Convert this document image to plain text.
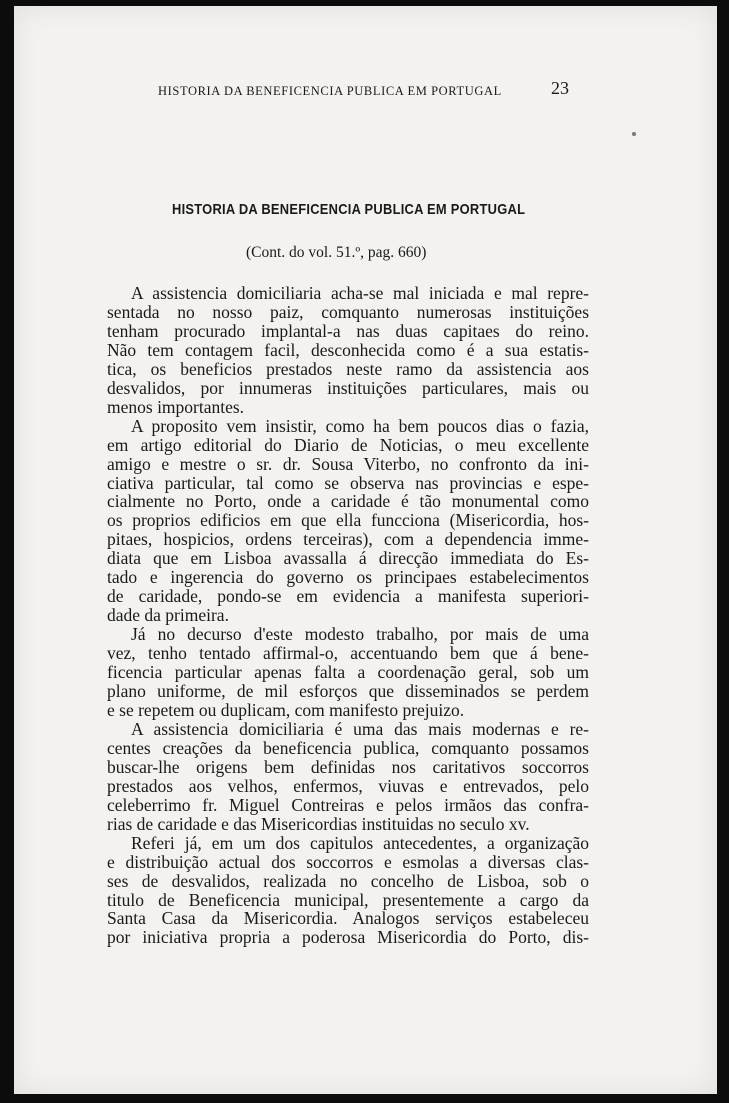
HISTORIA DA BENEFICENCIA PUBLICA EM PORTUGAL	23
HISTORIA DA BENEFICENCIA PUBLICA EM PORTUGAL
(Cont. do vol. 51.º, pag. 660)
A assistencia domiciliaria acha-se mal iniciada e mal repre-
sentada no nosso paiz, comquanto numerosas instituições
tenham procurado implantal-a nas duas capitaes do reino.
Não tem contagem facil, desconhecida como é a sua estatis-
tica, os beneficios prestados neste ramo da assistencia aos
desvalidos, por innumeras instituições particulares, mais ou
menos importantes.
A proposito vem insistir, como ha bem poucos dias o fazia,
em artigo editorial do Diario de Noticias, o meu excellente
amigo e mestre o sr. dr. Sousa Viterbo, no confronto da ini-
ciativa particular, tal como se observa nas provincias e espe-
cialmente no Porto, onde a caridade é tão monumental como
os proprios edificios em que ella funcciona (Misericordia, hos-
pitaes, hospicios, ordens terceiras), com a dependencia imme-
diata que em Lisboa avassalla á direcção immediata do Es-
tado e ingerencia do governo os principaes estabelecimentos
de caridade, pondo-se em evidencia a manifesta superiori-
dade da primeira.
Já no decurso d'este modesto trabalho, por mais de uma
vez, tenho tentado affirmal-o, accentuando bem que á bene-
ficencia particular apenas falta a coordenação geral, sob um
plano uniforme, de mil esforços que disseminados se perdem
e se repetem ou duplicam, com manifesto prejuizo.
A assistencia domiciliaria é uma das mais modernas e re-
centes creações da beneficencia publica, comquanto possamos
buscar-lhe origens bem definidas nos caritativos soccorros
prestados aos velhos, enfermos, viuvas e entrevados, pelo
celeberrimo fr. Miguel Contreiras e pelos irmãos das confra-
rias de caridade e das Misericordias instituidas no seculo xv.
Referi já, em um dos capitulos antecedentes, a organização
e distribuição actual dos soccorros e esmolas a diversas clas-
ses de desvalidos, realizada no concelho de Lisboa, sob o
titulo de Beneficencia municipal, presentemente a cargo da
Santa Casa da Misericordia. Analogos serviços estabeleceu
por iniciativa propria a poderosa Misericordia do Porto, dis-
